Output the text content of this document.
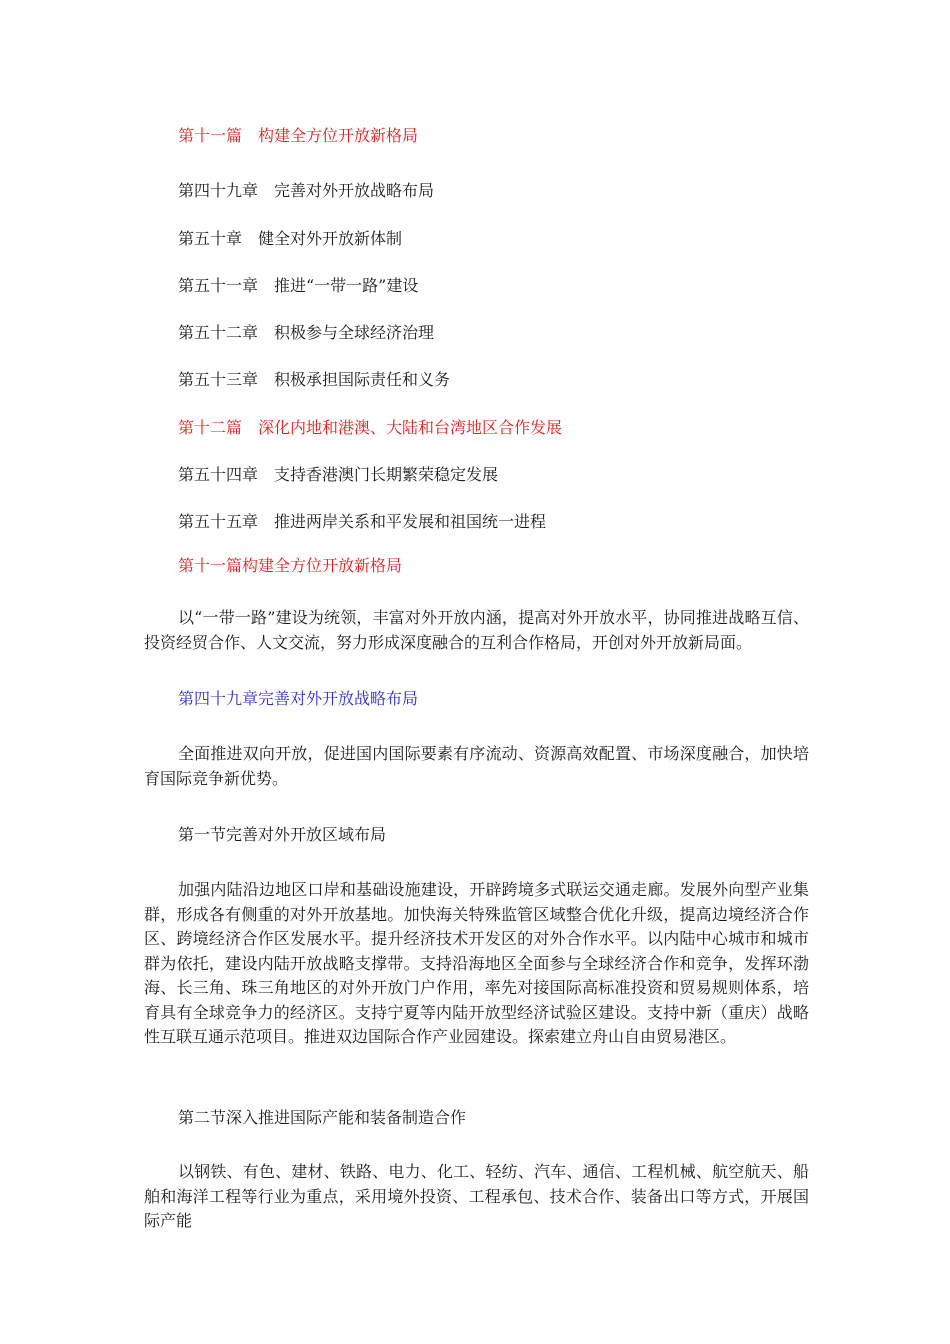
第十一篇　构建全方位开放新格局
第四十九章　完善对外开放战略布局
第五十章　健全对外开放新体制
第五十一章　推进“一带一路”建设
第五十二章　积极参与全球经济治理
第五十三章　积极承担国际责任和义务
第十二篇　深化内地和港澳、大陆和台湾地区合作发展
第五十四章　支持香港澳门长期繁荣稳定发展
第五十五章　推进两岸关系和平发展和祖国统一进程
第十一篇构建全方位开放新格局

以“一带一路”建设为统领，丰富对外开放内涵，提高对外开放水平，协同推进战略互信、投资经贸合作、人文交流，努力形成深度融合的互利合作格局，开创对外开放新局面。

第四十九章完善对外开放战略布局

全面推进双向开放，促进国内国际要素有序流动、资源高效配置、市场深度融合，加快培育国际竞争新优势。

第一节完善对外开放区域布局

加强内陆沿边地区口岸和基础设施建设，开辟跨境多式联运交通走廊。发展外向型产业集群，形成各有侧重的对外开放基地。加快海关特殊监管区域整合优化升级，提高边境经济合作区、跨境经济合作区发展水平。提升经济技术开发区的对外合作水平。以内陆中心城市和城市群为依托，建设内陆开放战略支撑带。支持沿海地区全面参与全球经济合作和竞争，发挥环渤海、长三角、珠三角地区的对外开放门户作用，率先对接国际高标准投资和贸易规则体系，培育具有全球竞争力的经济区。支持宁夏等内陆开放型经济试验区建设。支持中新（重庆）战略性互联互通示范项目。推进双边国际合作产业园建设。探索建立舟山自由贸易港区。

第二节深入推进国际产能和装备制造合作

以钢铁、有色、建材、铁路、电力、化工、轻纺、汽车、通信、工程机械、航空航天、船舶和海洋工程等行业为重点，采用境外投资、工程承包、技术合作、装备出口等方式，开展国际产能
